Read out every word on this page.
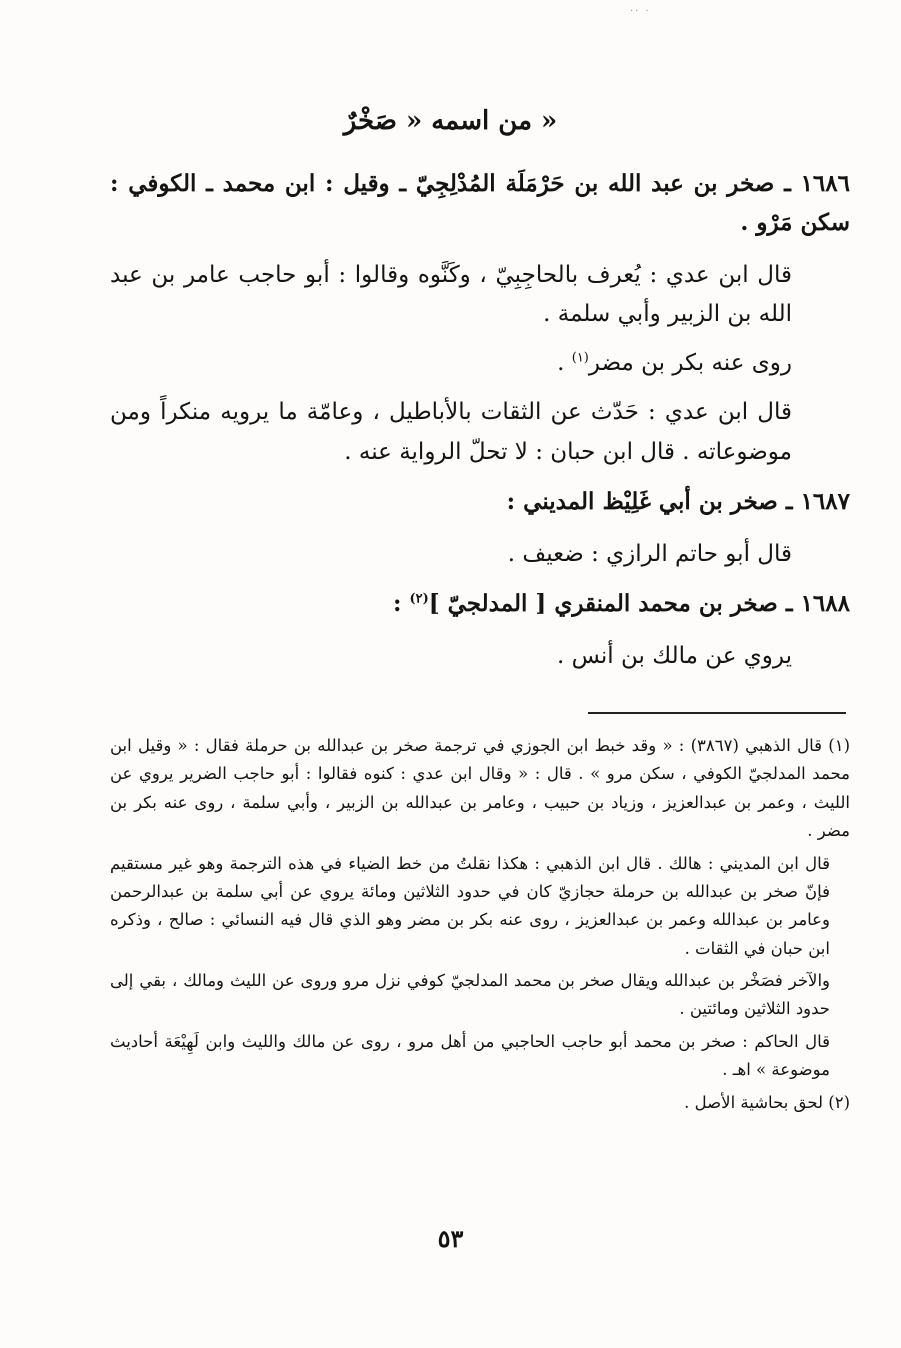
·· ·
من اسمه « صَخْرٌ »

١٦٨٦ ـ صخر بن عبد الله بن حَرْمَلَة المُدْلِجِيّ ـ وقيل : ابن محمد ـ الكوفي : سكن مَرْو .

قال ابن عدي : يُعرف بالحاجِبِيّ ، وكَنَّوه وقالوا : أبو حاجب عامر بن عبد الله بن الزبير وأبي سلمة .

روى عنه بكر بن مضر$^{(١)}$ .

قال ابن عدي : حَدّث عن الثقات بالأباطيل ، وعامّة ما يرويه منكراً ومن موضوعاته . قال ابن حبان : لا تحلّ الرواية عنه .

١٦٨٧ ـ صخر بن أبي غَلِيْظ المديني :

قال أبو حاتم الرازي : ضعيف .

١٦٨٨ ـ صخر بن محمد المنقري [ المدلجيّ ]$^{(٢)}$ :

يروي عن مالك بن أنس .

(١) قال الذهبي (٣٨٦٧) : « وقد خبط ابن الجوزي في ترجمة صخر بن عبدالله بن حرملة فقال : « وقيل ابن محمد المدلجيّ الكوفي ، سكن مرو » . قال : « وقال ابن عدي : كنوه فقالوا : أبو حاجب الضرير يروي عن الليث ، وعمر بن عبدالعزيز ، وزياد بن حبيب ، وعامر بن عبدالله بن الزبير ، وأبي سلمة ، روى عنه بكر بن مضر .

قال ابن المديني : هالك . قال ابن الذهبي : هكذا نقلتُ من خط الضياء في هذه الترجمة وهو غير مستقيم فإنّ صخر بن عبدالله بن حرملة حجازيّ كان في حدود الثلاثين ومائة يروي عن أبي سلمة بن عبدالرحمن وعامر بن عبدالله وعمر بن عبدالعزيز ، روى عنه بكر بن مضر وهو الذي قال فيه النسائي : صالح ، وذكره ابن حبان في الثقات .

والآخر فصَخْر بن عبدالله ويقال صخر بن محمد المدلجيّ كوفي نزل مرو وروى عن الليث ومالك ، بقي إلى حدود الثلاثين ومائتين .

قال الحاكم : صخر بن محمد أبو حاجب الحاجبي من أهل مرو ، روى عن مالك والليث وابن لَهِيْعَة أحاديث موضوعة » اهـ .

(٢) لحق بحاشية الأصل .

٥٣
